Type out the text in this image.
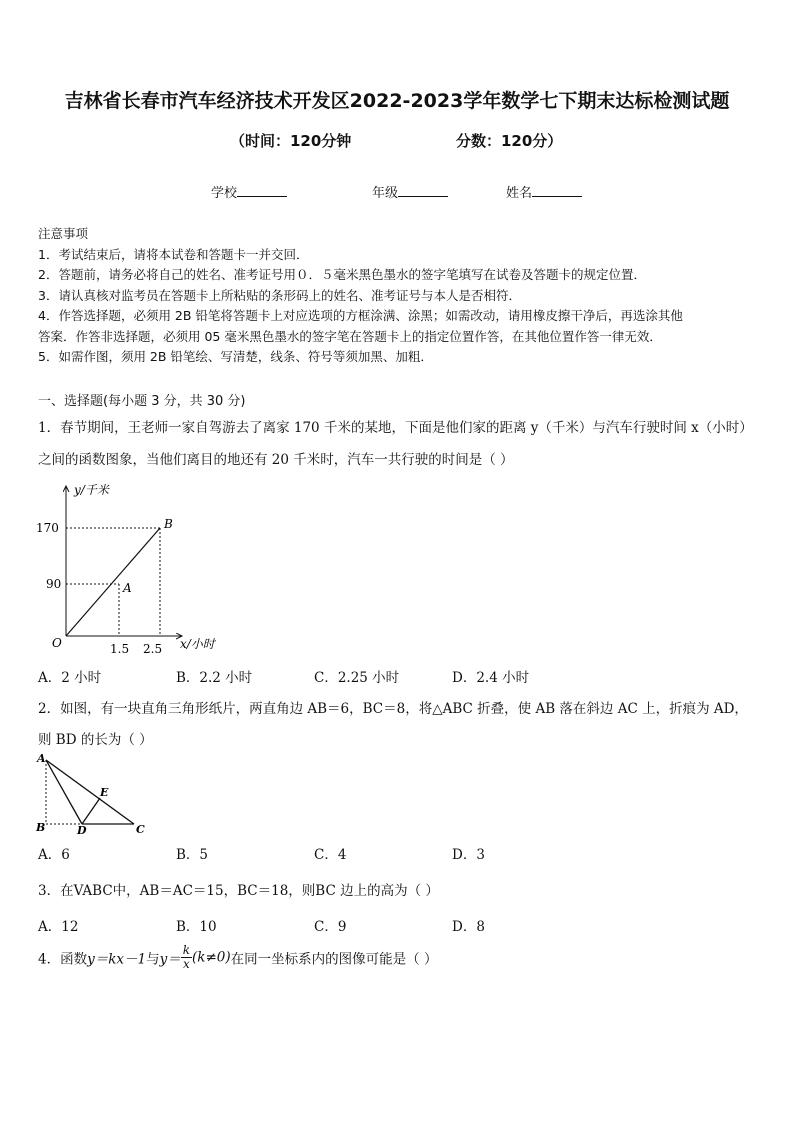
吉林省长春市汽车经济技术开发区2022-2023学年数学七下期末达标检测试题
（时间：120分钟	分数：120分）
学校	年级	姓名
注意事项
1．考试结束后，请将本试卷和答题卡一并交回．
2．答题前，请务必将自己的姓名、准考证号用０．５毫米黑色墨水的签字笔填写在试卷及答题卡的规定位置．
3．请认真核对监考员在答题卡上所粘贴的条形码上的姓名、准考证号与本人是否相符．
4．作答选择题，必须用 2B 铅笔将答题卡上对应选项的方框涂满、涂黑；如需改动，请用橡皮擦干净后，再选涂其他
答案．作答非选择题，必须用 05 毫米黑色墨水的签字笔在答题卡上的指定位置作答，在其他位置作答一律无效．
5．如需作图，须用 2B 铅笔绘、写清楚，线条、符号等须加黑、加粗．
一、选择题(每小题 3 分，共 30 分)
1．春节期间，王老师一家自驾游去了离家 170 千米的某地，下面是他们家的距离 y（千米）与汽车行驶时间 x（小时）
之间的函数图象，当他们离目的地还有 20 千米时，汽车一共行驶的时间是（ ）
y/千米
x/小时
O
170
90
1.5 2.5
A
B
A．2 小时	B．2.2 小时	C．2.25 小时	D．2.4 小时
2．如图，有一块直角三角形纸片，两直角边 AB＝6，BC＝8，将△ABC 折叠，使 AB 落在斜边 AC 上，折痕为 AD，
则 BD 的长为（ ）
A
B	D	C
E
A．6	B．5	C．4	D．3
3．在VABC中，AB＝AC＝15，BC＝18，则BC 边上的高为（ ）
A．12	B．10	C．9	D．8
4．函数y＝kx－1与$y= \frac{k}{x} (k\ne 0)$在同一坐标系内的图像可能是（ ）
